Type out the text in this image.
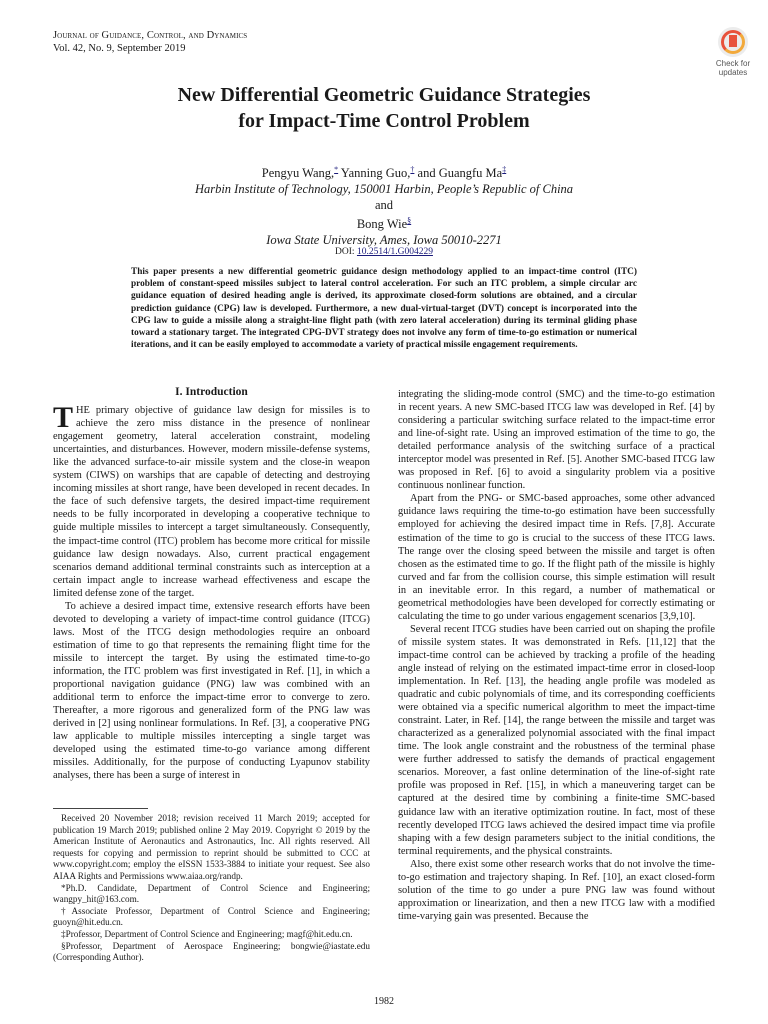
Journal of Guidance, Control, and Dynamics
Vol. 42, No. 9, September 2019
Check for
updates
New Differential Geometric Guidance Strategies
for Impact-Time Control Problem
Pengyu Wang,* Yanning Guo,† and Guangfu Ma‡
Harbin Institute of Technology, 150001 Harbin, People’s Republic of China
and
Bong Wie§
Iowa State University, Ames, Iowa 50010-2271
DOI: 10.2514/1.G004229
This paper presents a new differential geometric guidance design methodology applied to an impact-time control (ITC) problem of constant-speed missiles subject to lateral control acceleration. For such an ITC problem, a simple circular arc guidance equation of desired heading angle is derived, its approximate closed-form solutions are obtained, and a circular prediction guidance (CPG) law is developed. Furthermore, a new dual-virtual-target (DVT) concept is incorporated into the CPG law to guide a missile along a straight-line flight path (with zero lateral acceleration) during its terminal gliding phase toward a stationary target. The integrated CPG-DVT strategy does not involve any form of time-to-go estimation or numerical iterations, and it can be easily employed to accommodate a variety of practical missile engagement requirements.
I. Introduction

THE primary objective of guidance law design for missiles is to achieve the zero miss distance in the presence of nonlinear engagement geometry, lateral acceleration constraint, modeling uncertainties, and disturbances. However, modern missile-defense systems, like the advanced surface-to-air missile system and the close-in weapon system (CIWS) on warships that are capable of detecting and destroying incoming missiles at short range, have been developed in recent decades. In the face of such defensive targets, the desired impact-time requirement needs to be fully incorporated in developing a cooperative technique to guide multiple missiles to intercept a target simultaneously. Consequently, the impact-time control (ITC) problem has become more critical for missile guidance law design nowadays. Also, current practical engagement scenarios demand additional terminal constraints such as interception at a certain impact angle to increase warhead effectiveness and escape the limited defense zone of the target.

To achieve a desired impact time, extensive research efforts have been devoted to developing a variety of impact-time control guidance (ITCG) laws. Most of the ITCG design methodologies require an onboard estimation of time to go that represents the remaining flight time for the missile to intercept the target. By using the estimated time-to-go information, the ITC problem was first investigated in Ref. [1], in which a proportional navigation guidance (PNG) law was combined with an additional term to enforce the impact-time error to converge to zero. Thereafter, a more rigorous and generalized form of the PNG law was derived in [2] using nonlinear formulations. In Ref. [3], a cooperative PNG law applicable to multiple missiles intercepting a single target was developed using the estimated time-to-go variance among different missiles. Additionally, for the purpose of conducting Lyapunov stability analyses, there has been a surge of interest in

integrating the sliding-mode control (SMC) and the time-to-go estimation in recent years. A new SMC-based ITCG law was developed in Ref. [4] by considering a particular switching surface related to the impact-time error and line-of-sight rate. Using an improved estimation of the time to go, the detailed performance analysis of the switching surface of a practical interceptor model was presented in Ref. [5]. Another SMC-based ITCG law was proposed in Ref. [6] to avoid a singularity problem via a positive continuous nonlinear function.

Apart from the PNG- or SMC-based approaches, some other advanced guidance laws requiring the time-to-go estimation have been successfully employed for achieving the desired impact time in Refs. [7,8]. Accurate estimation of the time to go is crucial to the success of these ITCG laws. The range over the closing speed between the missile and target is often chosen as the estimated time to go. If the flight path of the missile is highly curved and far from the collision course, this simple estimation will result in an inevitable error. In this regard, a number of mathematical or geometrical methodologies have been developed for correctly estimating or calculating the time to go under various engagement scenarios [3,9,10].

Several recent ITCG studies have been carried out on shaping the profile of missile system states. It was demonstrated in Refs. [11,12] that the impact-time control can be achieved by tracking a profile of the heading angle instead of relying on the estimated impact-time error in closed-loop implementation. In Ref. [13], the heading angle profile was modeled as quadratic and cubic polynomials of time, and its corresponding coefficients were obtained via a specific numerical algorithm to meet the impact-time constraint. Later, in Ref. [14], the range between the missile and target was characterized as a generalized polynomial associated with the final impact time. The look angle constraint and the robustness of the terminal phase were further addressed to satisfy the demands of practical engagement scenarios. Moreover, a fast online determination of the line-of-sight rate profile was proposed in Ref. [15], in which a maneuvering target can be captured at the desired time by combining a finite-time SMC-based guidance law with an iterative optimization routine. In fact, most of these recently developed ITCG laws achieved the desired impact time via profile shaping with a few design parameters subject to the initial conditions, the terminal requirements, and the physical constraints.

Also, there exist some other research works that do not involve the time-to-go estimation and trajectory shaping. In Ref. [10], an exact closed-form solution of the time to go under a pure PNG law was found without approximation or linearization, and then a new ITCG law with a modified time-varying gain was presented. Because the

Received 20 November 2018; revision received 11 March 2019; accepted for publication 19 March 2019; published online 2 May 2019. Copyright © 2019 by the American Institute of Aeronautics and Astronautics, Inc. All rights reserved. All requests for copying and permission to reprint should be submitted to CCC at www.copyright.com; employ the eISSN 1533-3884 to initiate your request. See also AIAA Rights and Permissions www.aiaa.org/randp.

*Ph.D. Candidate, Department of Control Science and Engineering; wangpy_hit@163.com.

†Associate Professor, Department of Control Science and Engineering; guoyn@hit.edu.cn.

‡Professor, Department of Control Science and Engineering; magf@hit.edu.cn.

§Professor, Department of Aerospace Engineering; bongwie@iastate.edu (Corresponding Author).

1982
